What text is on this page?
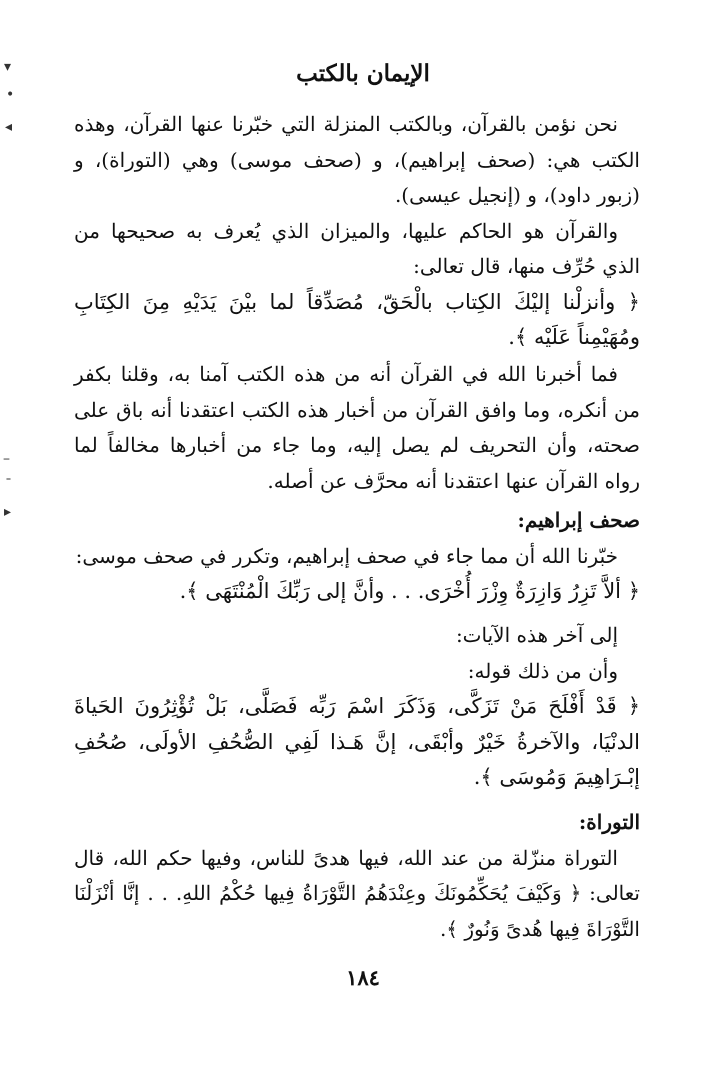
الإيمان بالكتب

نحن نؤمن بالقرآن، وبالكتب المنزلة التي خبّرنا عنها القرآن، وهذه الكتب هي: (صحف إبراهيم)، و (صحف موسى) وهي (التوراة)، و (زبور داود)، و (إنجيل عيسى).

والقرآن هو الحاكم عليها، والميزان الذي يُعرف به صحيحها من الذي حُرِّف منها، قال تعالى:

﴿ وأنزلْنا إليْكَ الكِتاب بالْحَقّ، مُصَدِّقاً لما بيْنَ يَدَيْهِ مِنَ الكِتَابِ ومُهَيْمِناً عَلَيْه ﴾.

فما أخبرنا الله في القرآن أنه من هذه الكتب آمنا به، وقلنا بكفر من أنكره، وما وافق القرآن من أخبار هذه الكتب اعتقدنا أنه باق على صحته، وأن التحريف لم يصل إليه، وما جاء من أخبارها مخالفاً لما رواه القرآن عنها اعتقدنا أنه محرَّف عن أصله.

صحف إبراهيم:

خبّرنا الله أن مما جاء في صحف إبراهيم، وتكرر في صحف موسى:

﴿ ألاَّ تَزِرُ وَازِرَةٌ وِزْرَ أُخْرَى. . . وأنَّ إلى رَبِّكَ الْمُنْتَهَى ﴾.

إلى آخر هذه الآيات:

وأن من ذلك قوله:

﴿ قَدْ أَفْلَحَ مَنْ تَزَكَّى، وَذَكَرَ اسْمَ رَبِّه فَصَلَّى، بَلْ تُؤْثِرُونَ الحَياةَ الدنْيَا، والآخرةُ خَيْرٌ وأبْقَى، إنَّ هَـذا لَفِي الصُّحُفِ الأولَى، صُحُفِ إبْـرَاهِيمَ وَمُوسَى ﴾.

التوراة:

التوراة منزّلة من عند الله، فيها هدىً للناس، وفيها حكم الله، قال تعالى: ﴿ وَكَيْفَ يُحَكِّمُونَكَ وعِنْدَهُمُ التَّوْرَاةُ فِيها حُكْمُ اللهِ. . . إنَّا أنْزَلْنَا التَّوْرَاةَ فِيها هُدىً وَنُورٌ ﴾.

١٨٤
▾
•
◂
–
ˉ
▸
